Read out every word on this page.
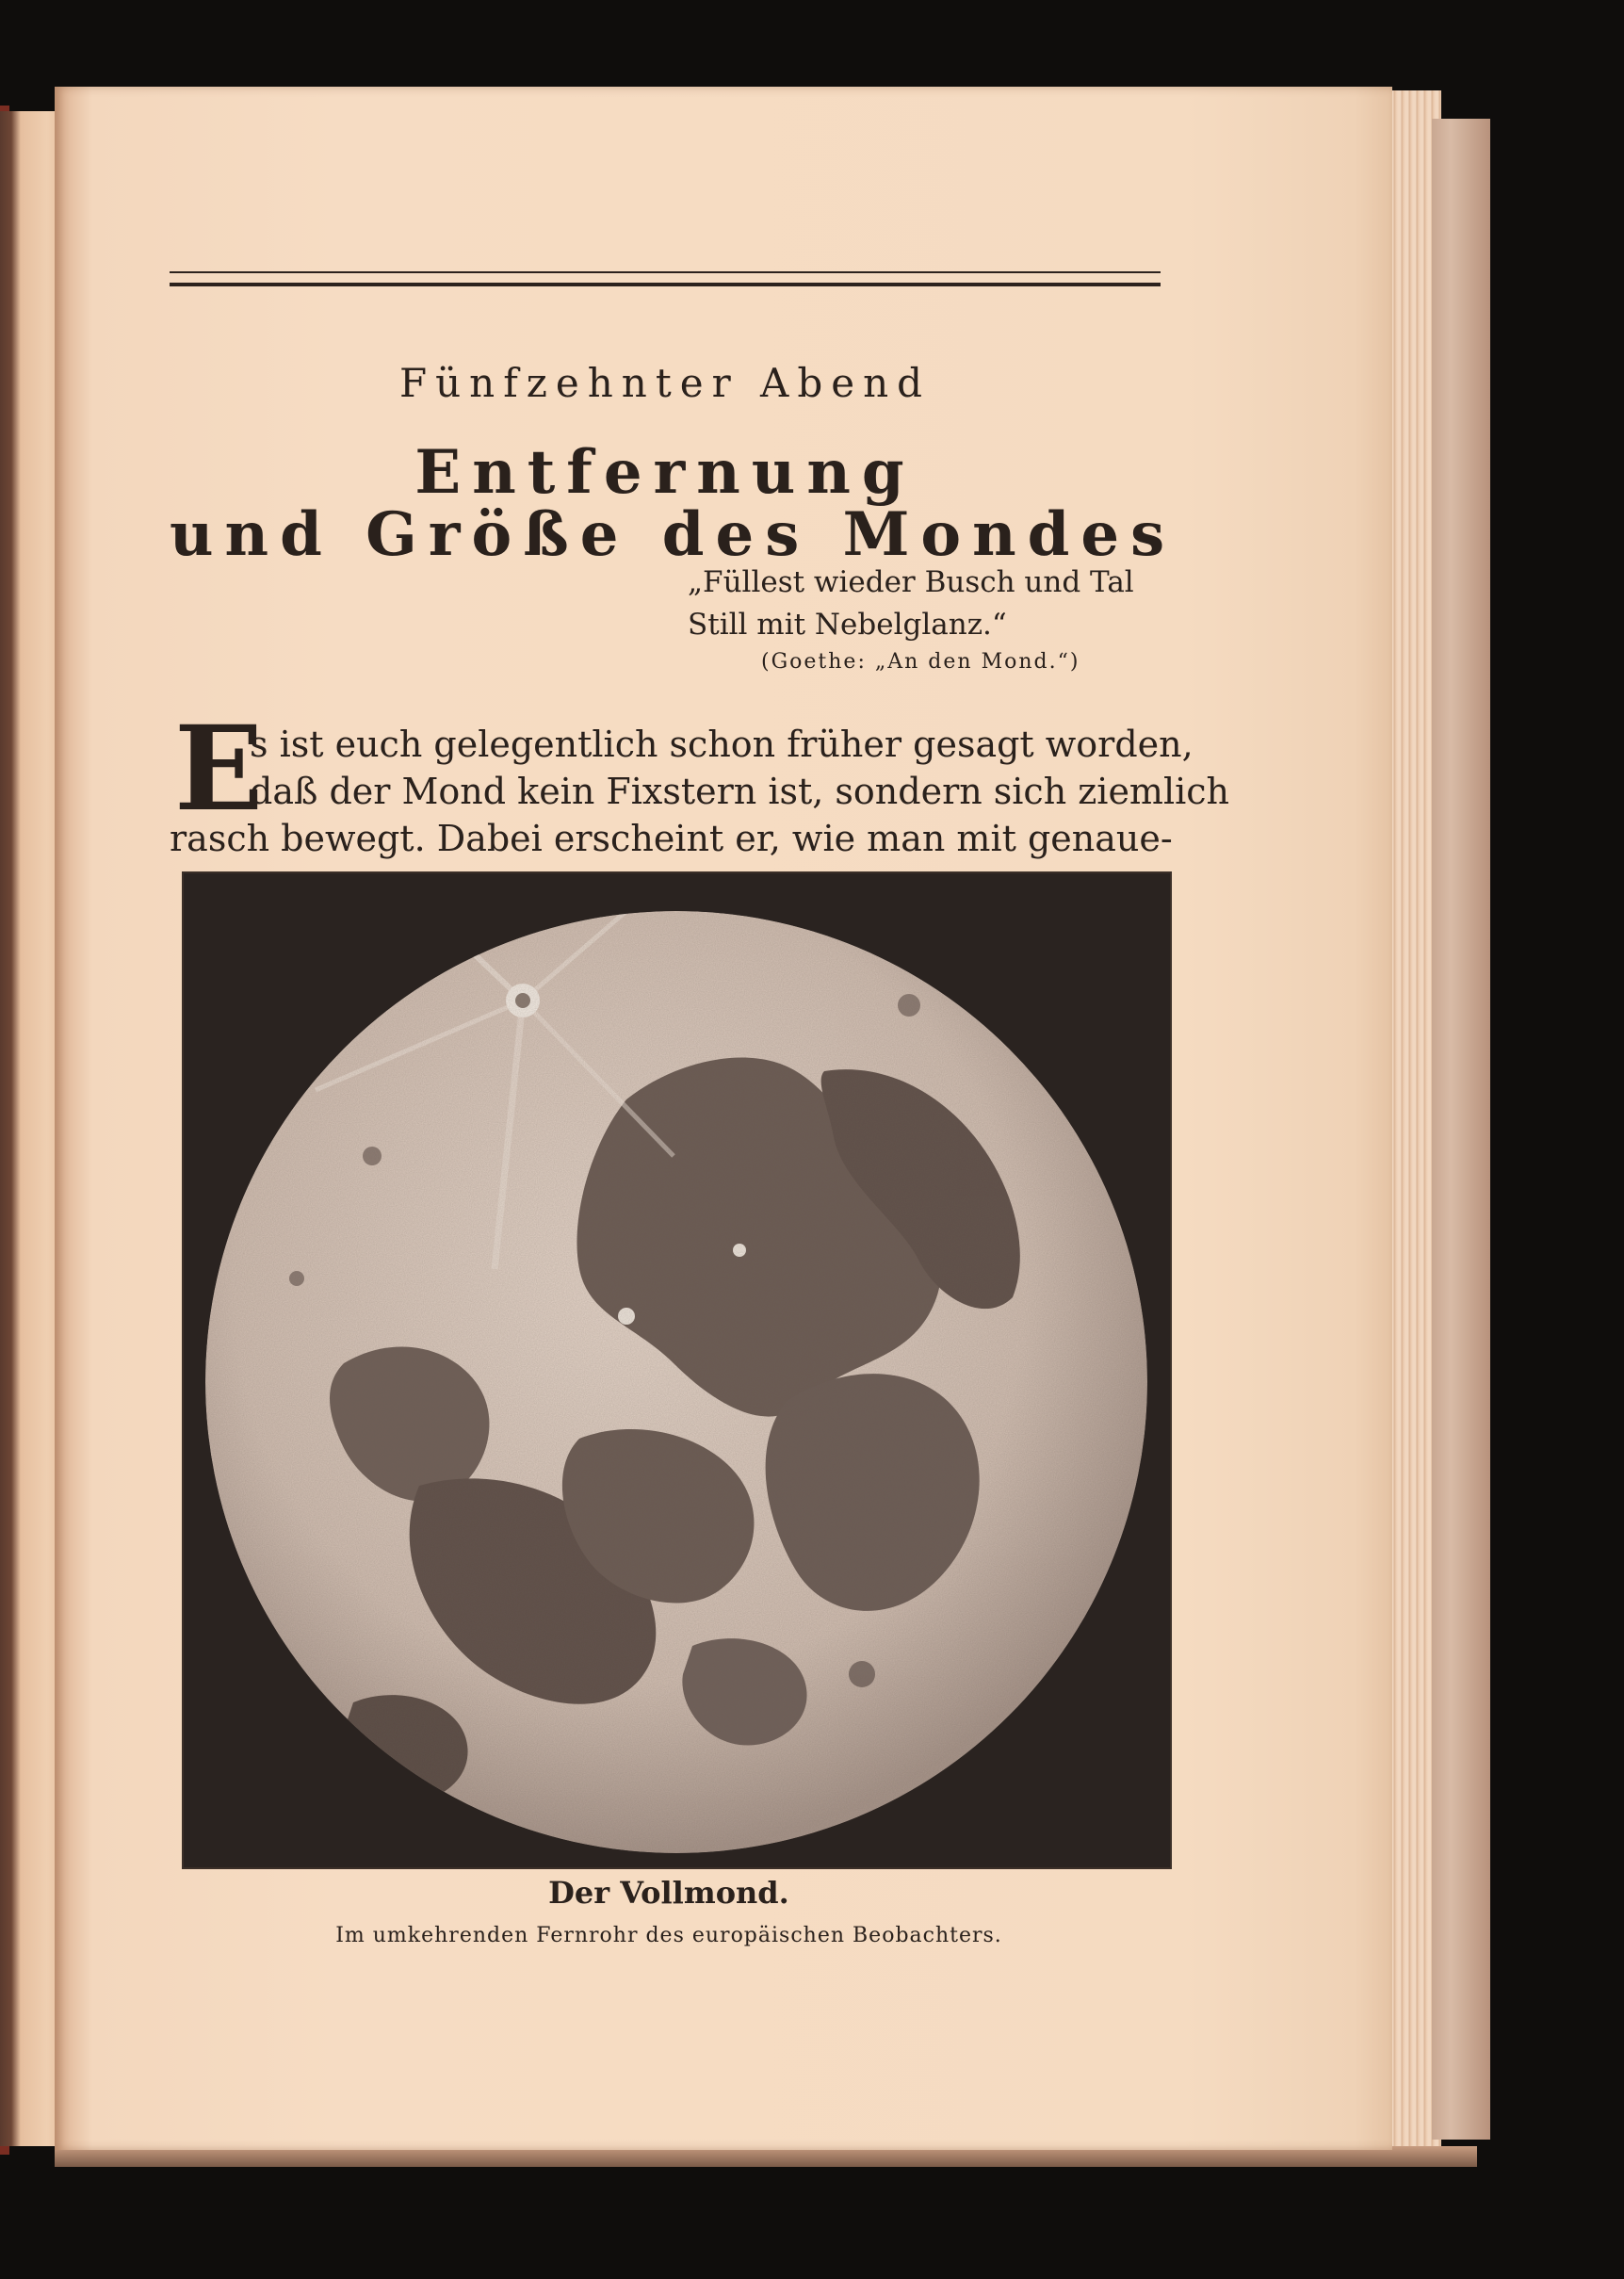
Fünfzehnter Abend
Entfernung
und Größe des Mondes
„Füllest wieder Busch und Tal
Still mit Nebelglanz.“
(Goethe: „An den Mond.“)
E
s ist euch gelegentlich schon früher gesagt worden,
daß der Mond kein Fixstern ist, sondern sich ziemlich
rasch bewegt. Dabei erscheint er, wie man mit genaue-
Der Vollmond.
Im umkehrenden Fernrohr des europäischen Beobachters.
